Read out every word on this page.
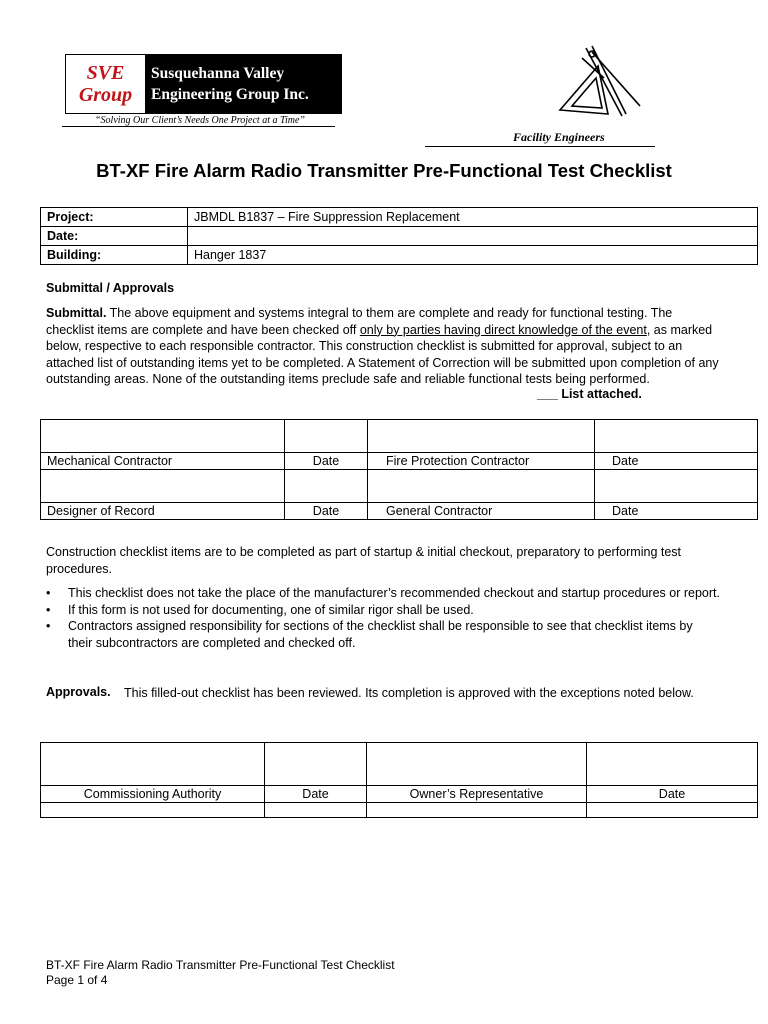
SVE
Group
Susquehanna Valley
Engineering Group Inc.
“Solving Our Client’s Needs One Project at a Time”
Facility Engineers
BT-XF Fire Alarm Radio Transmitter Pre-Functional Test Checklist
Project:	JBMDL B1837 – Fire Suppression Replacement
Date:	
Building:	Hanger 1837
Submittal / Approvals
Submittal. The above equipment and systems integral to them are complete and ready for functional testing. The checklist items are complete and have been checked off only by parties having direct knowledge of the event, as marked below, respective to each responsible contractor. This construction checklist is submitted for approval, subject to an attached list of outstanding items yet to be completed. A Statement of Correction will be submitted upon completion of any outstanding areas. None of the outstanding items preclude safe and reliable functional tests being performed.
___ List attached.

Mechanical Contractor	Date	Fire Protection Contractor	Date

Designer of Record	Date	General Contractor	Date
Construction checklist items are to be completed as part of startup & initial checkout, preparatory to performing test procedures.
• This checklist does not take the place of the manufacturer’s recommended checkout and startup procedures or report.
• If this form is not used for documenting, one of similar rigor shall be used.
• Contractors assigned responsibility for sections of the checklist shall be responsible to see that checklist items by their subcontractors are completed and checked off.
Approvals. This filled-out checklist has been reviewed. Its completion is approved with the exceptions noted below.

Commissioning Authority	Date	Owner’s Representative	Date

BT-XF Fire Alarm Radio Transmitter Pre-Functional Test Checklist
Page 1 of 4
